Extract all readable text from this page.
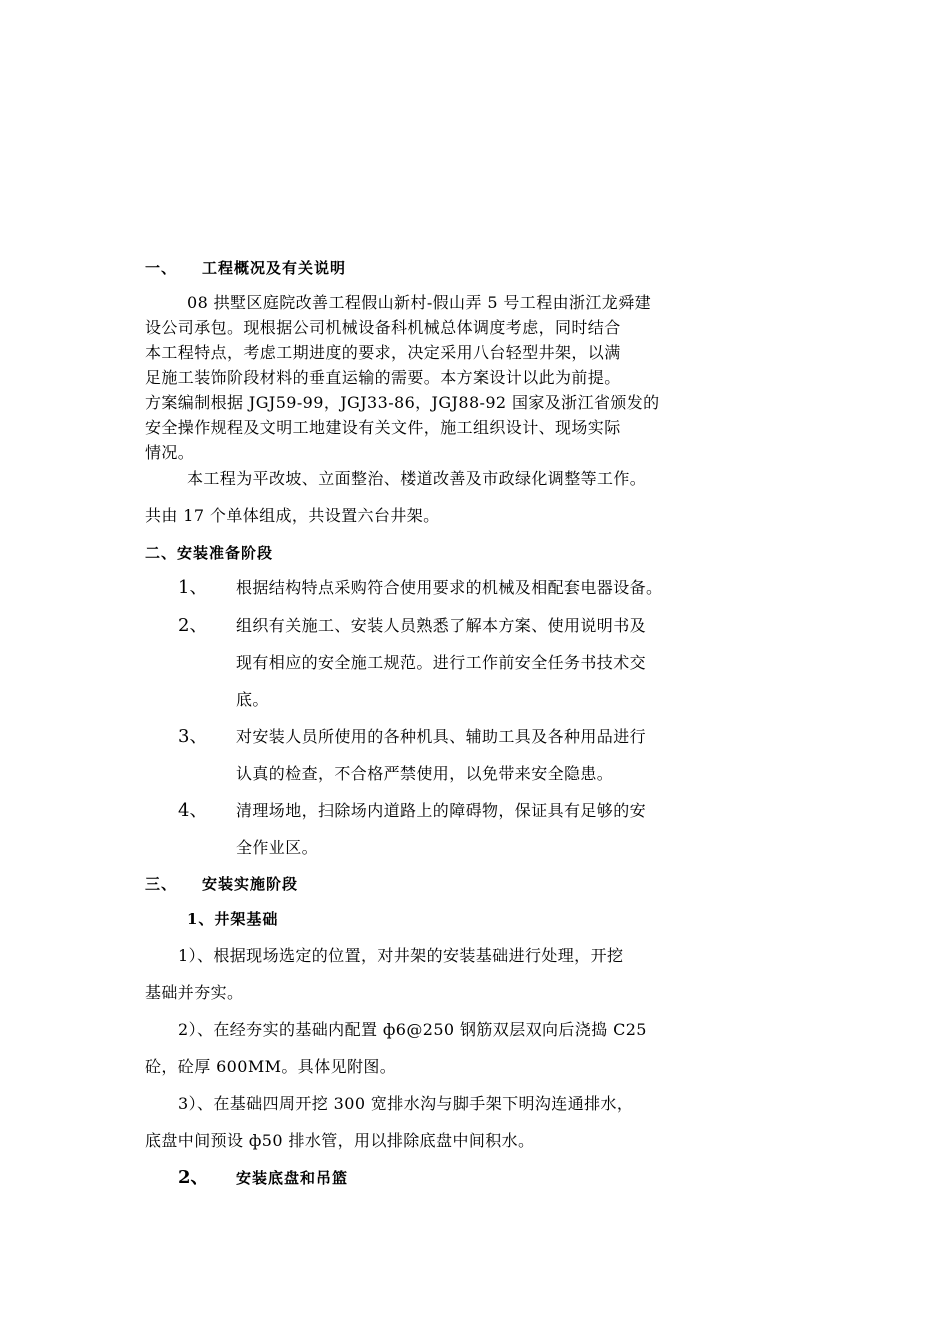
一、 工程概况及有关说明
08 拱墅区庭院改善工程假山新村-假山弄 5 号工程由浙江龙舜建
设公司承包。现根据公司机械设备科机械总体调度考虑，同时结合
本工程特点，考虑工期进度的要求，决定采用八台轻型井架，以满
足施工装饰阶段材料的垂直运输的需要。本方案设计以此为前提。
方案编制根据 JGJ59-99，JGJ33-86，JGJ88-92 国家及浙江省颁发的
安全操作规程及文明工地建设有关文件，施工组织设计、现场实际
情况。
本工程为平改坡、立面整治、楼道改善及市政绿化调整等工作。
共由 17 个单体组成，共设置六台井架。
二、安装准备阶段
1、 根据结构特点采购符合使用要求的机械及相配套电器设备。
2、 组织有关施工、安装人员熟悉了解本方案、使用说明书及
现有相应的安全施工规范。进行工作前安全任务书技术交
底。
3、 对安装人员所使用的各种机具、辅助工具及各种用品进行
认真的检查，不合格严禁使用，以免带来安全隐患。
4、 清理场地，扫除场内道路上的障碍物，保证具有足够的安
全作业区。
三、 安装实施阶段
1、井架基础
1）、根据现场选定的位置，对井架的安装基础进行处理，开挖
基础并夯实。
2）、在经夯实的基础内配置 ф6@250 钢筋双层双向后浇捣 C25
砼，砼厚 600MM。具体见附图。
3）、在基础四周开挖 300 宽排水沟与脚手架下明沟连通排水，
底盘中间预设 ф50 排水管，用以排除底盘中间积水。
2、 安装底盘和吊篮
